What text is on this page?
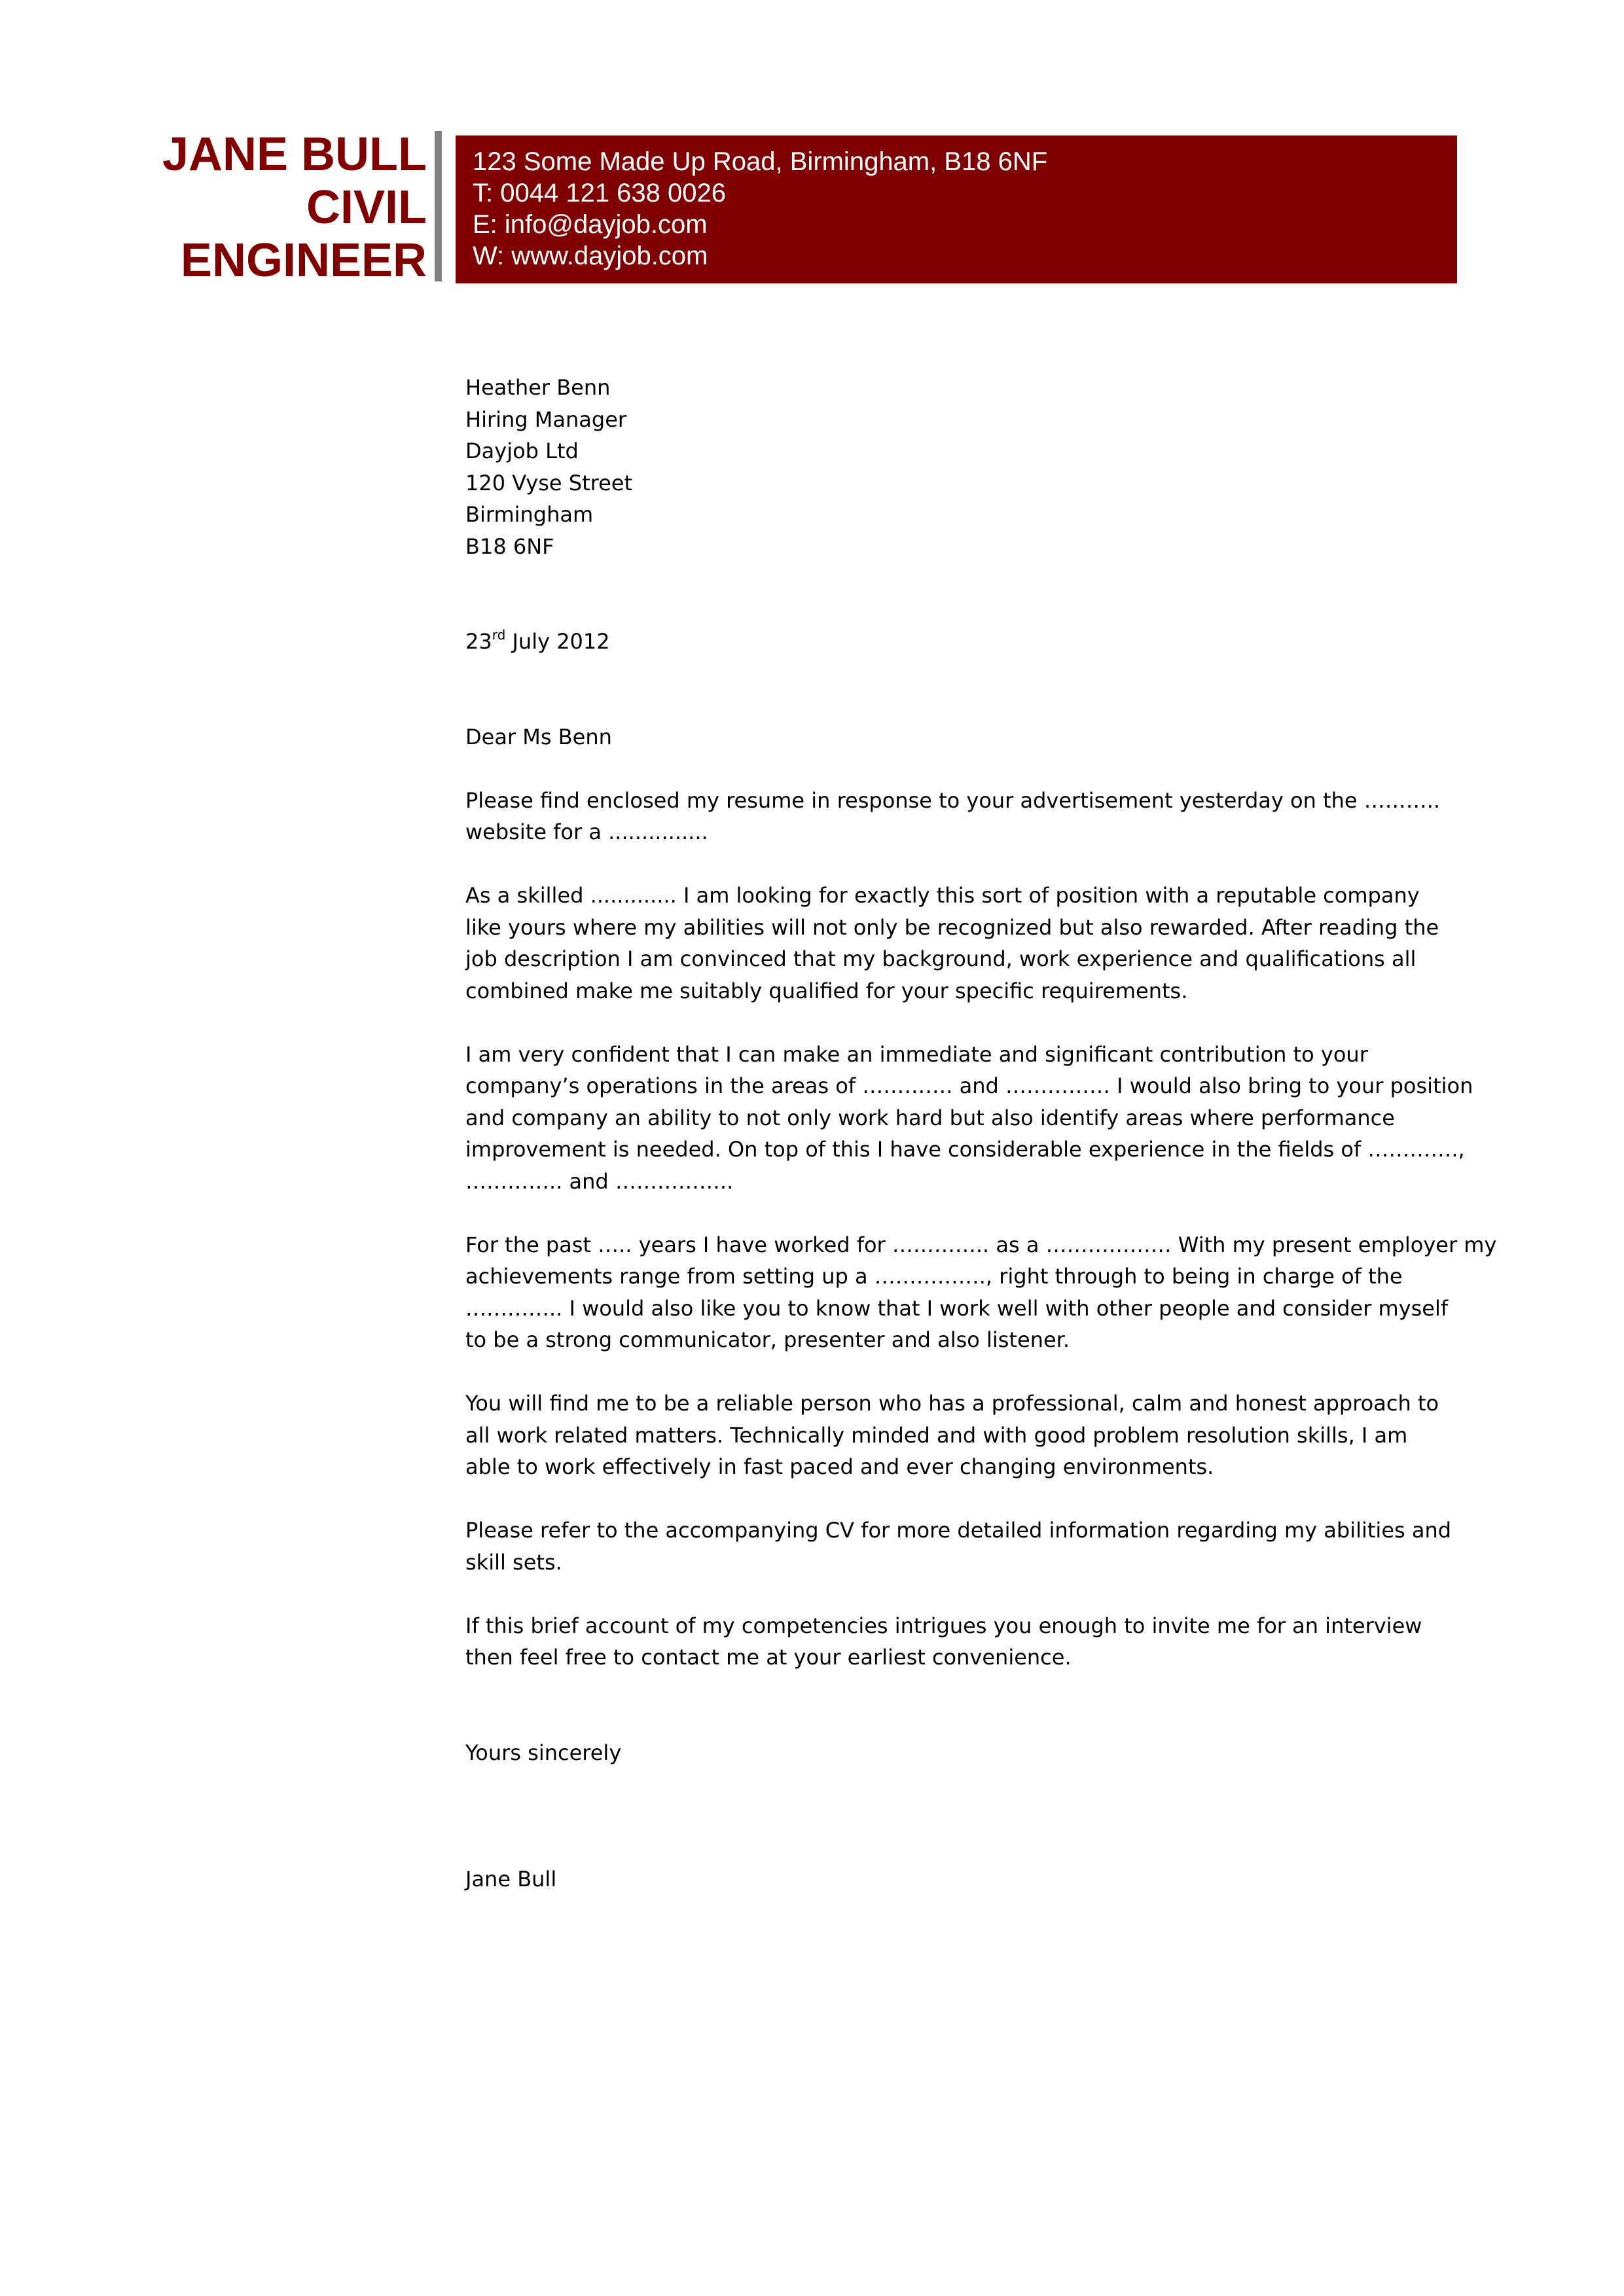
JANE BULL
CIVIL
ENGINEER
123 Some Made Up Road, Birmingham, B18 6NF
T: 0044 121 638 0026
E: info@dayjob.com
W: www.dayjob.com
Heather Benn
Hiring Manager
Dayjob Ltd
120 Vyse Street
Birmingham
B18 6NF
23rd July 2012
Dear Ms Benn
Please find enclosed my resume in response to your advertisement yesterday on the ………..
website for a ...............
As a skilled ............. I am looking for exactly this sort of position with a reputable company
like yours where my abilities will not only be recognized but also rewarded. After reading the
job description I am convinced that my background, work experience and qualifications all
combined make me suitably qualified for your specific requirements.
I am very confident that I can make an immediate and significant contribution to your
company’s operations in the areas of …………. and …………… I would also bring to your position
and company an ability to not only work hard but also identify areas where performance
improvement is needed. On top of this I have considerable experience in the fields of ………….,
………….. and ……………..
For the past ….. years I have worked for ………….. as a ……………… With my present employer my
achievements range from setting up a ……………., right through to being in charge of the
………….. I would also like you to know that I work well with other people and consider myself
to be a strong communicator, presenter and also listener.
You will find me to be a reliable person who has a professional, calm and honest approach to
all work related matters. Technically minded and with good problem resolution skills, I am
able to work effectively in fast paced and ever changing environments.
Please refer to the accompanying CV for more detailed information regarding my abilities and
skill sets.
If this brief account of my competencies intrigues you enough to invite me for an interview
then feel free to contact me at your earliest convenience.
Yours sincerely
Jane Bull
